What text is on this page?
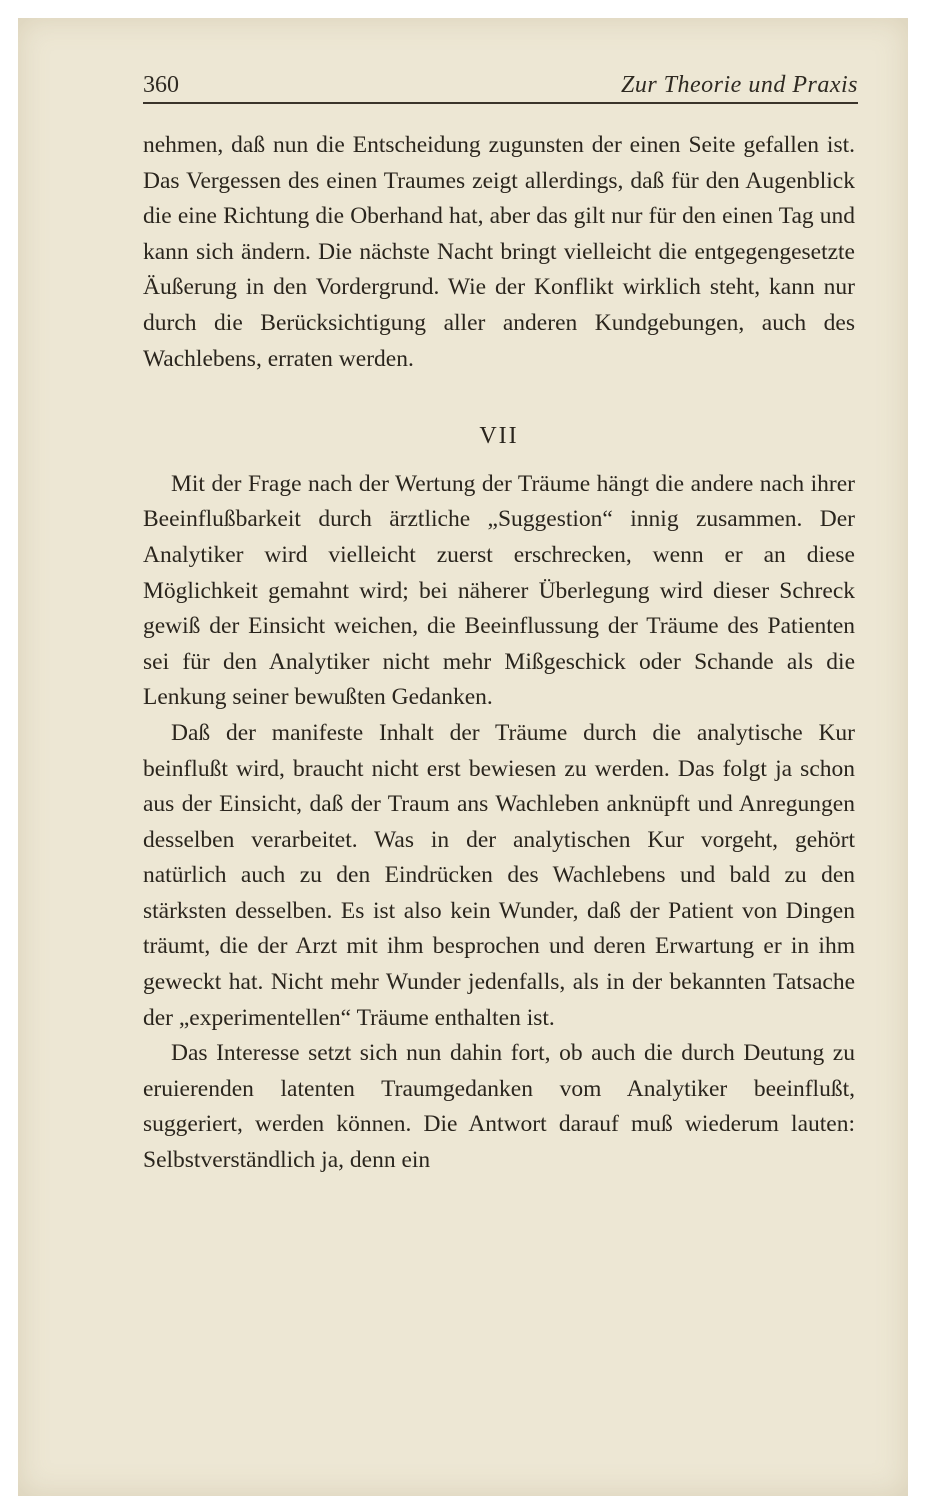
360	Zur Theorie und Praxis

nehmen, daß nun die Entscheidung zugunsten der einen Seite gefallen ist. Das Vergessen des einen Traumes zeigt allerdings, daß für den Augenblick die eine Richtung die Oberhand hat, aber das gilt nur für den einen Tag und kann sich ändern. Die nächste Nacht bringt vielleicht die entgegengesetzte Äußerung in den Vordergrund. Wie der Konflikt wirklich steht, kann nur durch die Berücksichtigung aller anderen Kundgebungen, auch des Wachlebens, erraten werden.

VII

Mit der Frage nach der Wertung der Träume hängt die andere nach ihrer Beeinflußbarkeit durch ärztliche „Suggestion“ innig zusammen. Der Analytiker wird vielleicht zuerst erschrecken, wenn er an diese Möglichkeit gemahnt wird; bei näherer Überlegung wird dieser Schreck gewiß der Einsicht weichen, die Beeinflussung der Träume des Patienten sei für den Analytiker nicht mehr Mißgeschick oder Schande als die Lenkung seiner bewußten Gedanken.

Daß der manifeste Inhalt der Träume durch die analytische Kur beinflußt wird, braucht nicht erst bewiesen zu werden. Das folgt ja schon aus der Einsicht, daß der Traum ans Wachleben anknüpft und Anregungen desselben verarbeitet. Was in der analytischen Kur vorgeht, gehört natürlich auch zu den Eindrücken des Wachlebens und bald zu den stärksten desselben. Es ist also kein Wunder, daß der Patient von Dingen träumt, die der Arzt mit ihm besprochen und deren Erwartung er in ihm geweckt hat. Nicht mehr Wunder jedenfalls, als in der bekannten Tatsache der „experimentellen“ Träume enthalten ist.

Das Interesse setzt sich nun dahin fort, ob auch die durch Deutung zu eruierenden latenten Traumgedanken vom Analytiker beeinflußt, suggeriert, werden können. Die Antwort darauf muß wiederum lauten: Selbstverständlich ja, denn ein
